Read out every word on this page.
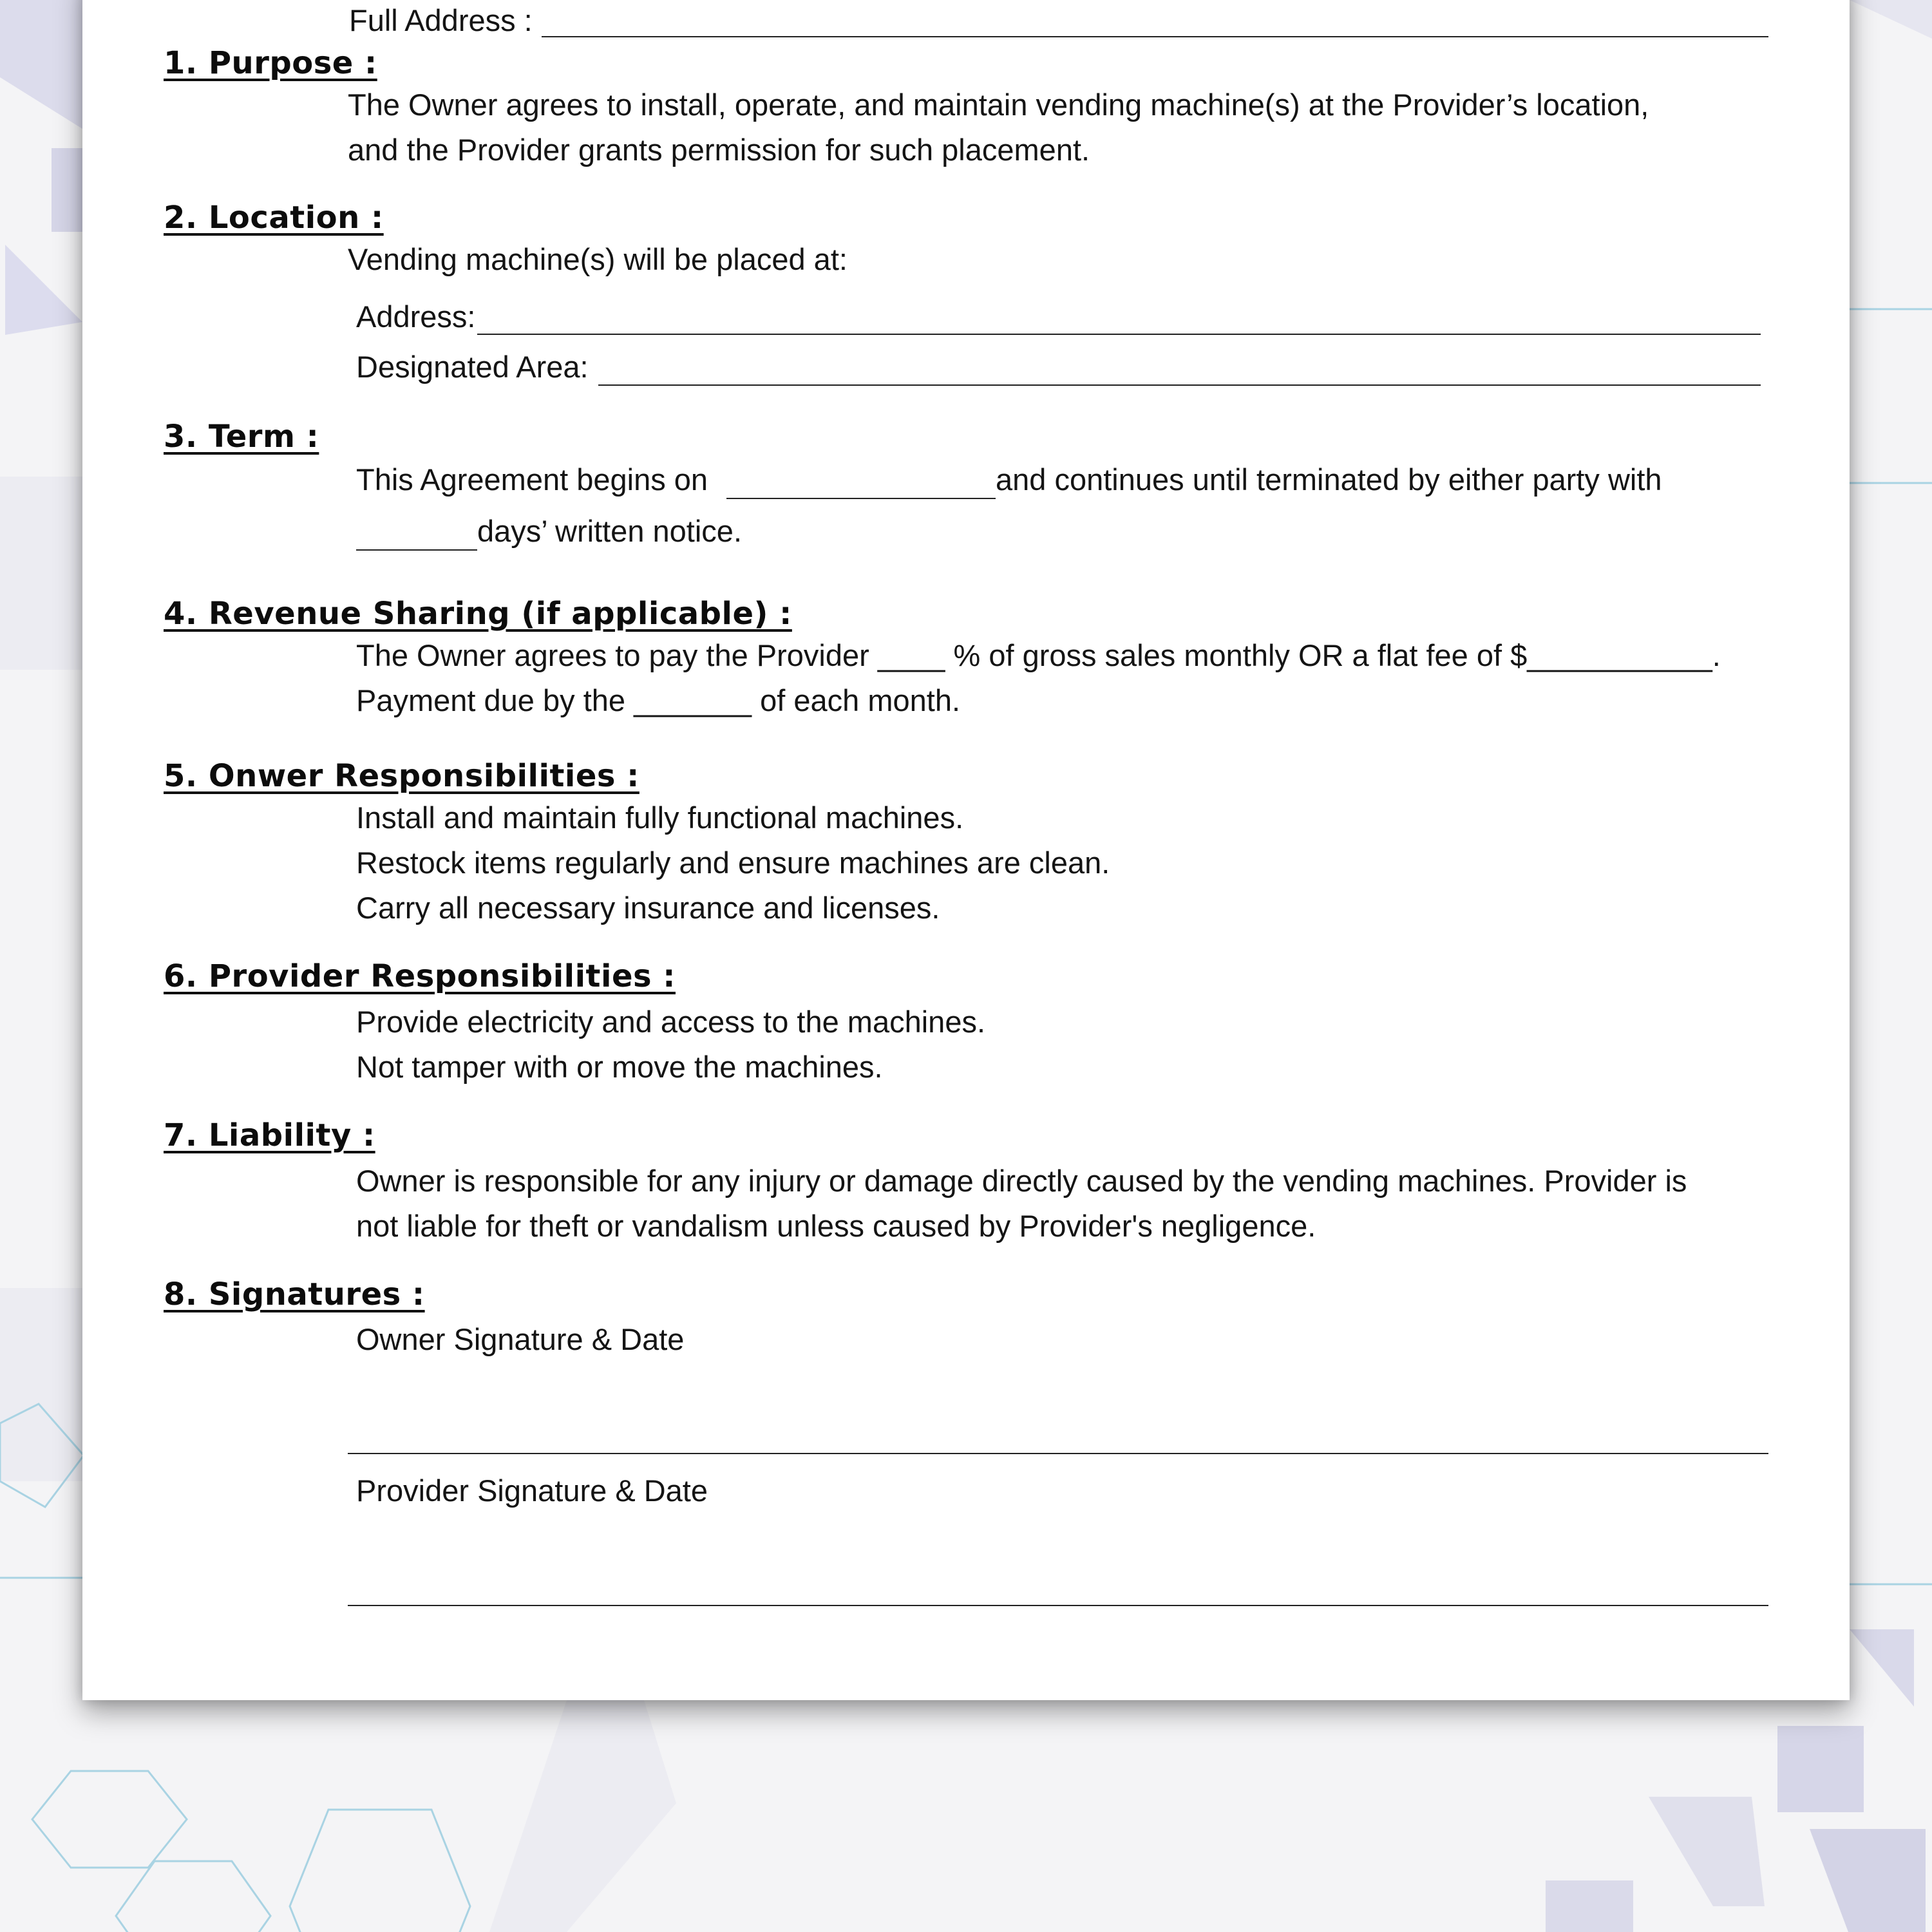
Full Address :
1. Purpose :
The Owner agrees to install, operate, and maintain vending machine(s) at the Provider’s location,
and the Provider grants permission for such placement.
2. Location :
Vending machine(s) will be placed at:
Address:
Designated Area:
3. Term :
This Agreement begins on	and continues until terminated by either party with
days’ written notice.
4. Revenue Sharing (if applicable) :
The Owner agrees to pay the Provider ____ % of gross sales monthly OR a flat fee of $___________.
Payment due by the _______ of each month.
5. Onwer Responsibilities :
Install and maintain fully functional machines.
Restock items regularly and ensure machines are clean.
Carry all necessary insurance and licenses.
6. Provider Responsibilities :
Provide electricity and access to the machines.
Not tamper with or move the machines.
7. Liability :
Owner is responsible for any injury or damage directly caused by the vending machines. Provider is
not liable for theft or vandalism unless caused by Provider's negligence.
8. Signatures :
Owner Signature & Date
Provider Signature & Date
